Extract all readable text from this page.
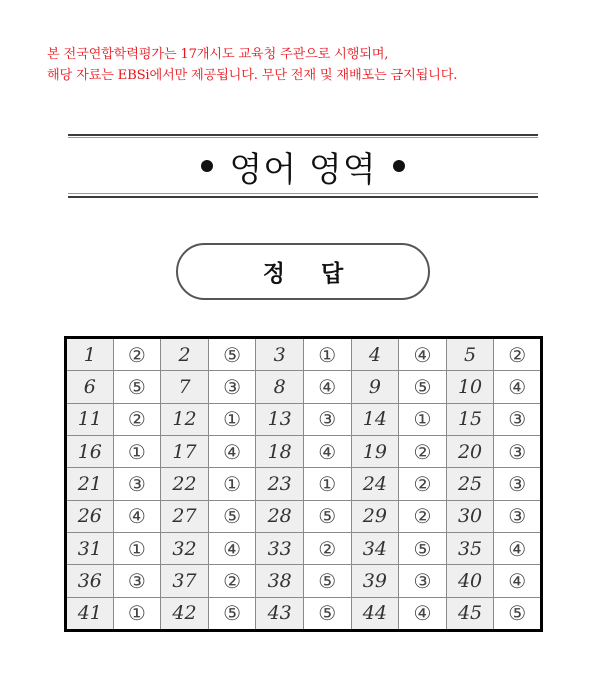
본 전국연합학력평가는 17개시도 교육청 주관으로 시행되며,
해당 자료는 EBSi에서만 제공됩니다. 무단 전재 및 재배포는 금지됩니다.
영어 영역
정 답
1	②	2	⑤	3	①	4	④	5	②
6	⑤	7	③	8	④	9	⑤	10	④
11	②	12	①	13	③	14	①	15	③
16	①	17	④	18	④	19	②	20	③
21	③	22	①	23	①	24	②	25	③
26	④	27	⑤	28	⑤	29	②	30	③
31	①	32	④	33	②	34	⑤	35	④
36	③	37	②	38	⑤	39	③	40	④
41	①	42	⑤	43	⑤	44	④	45	⑤
